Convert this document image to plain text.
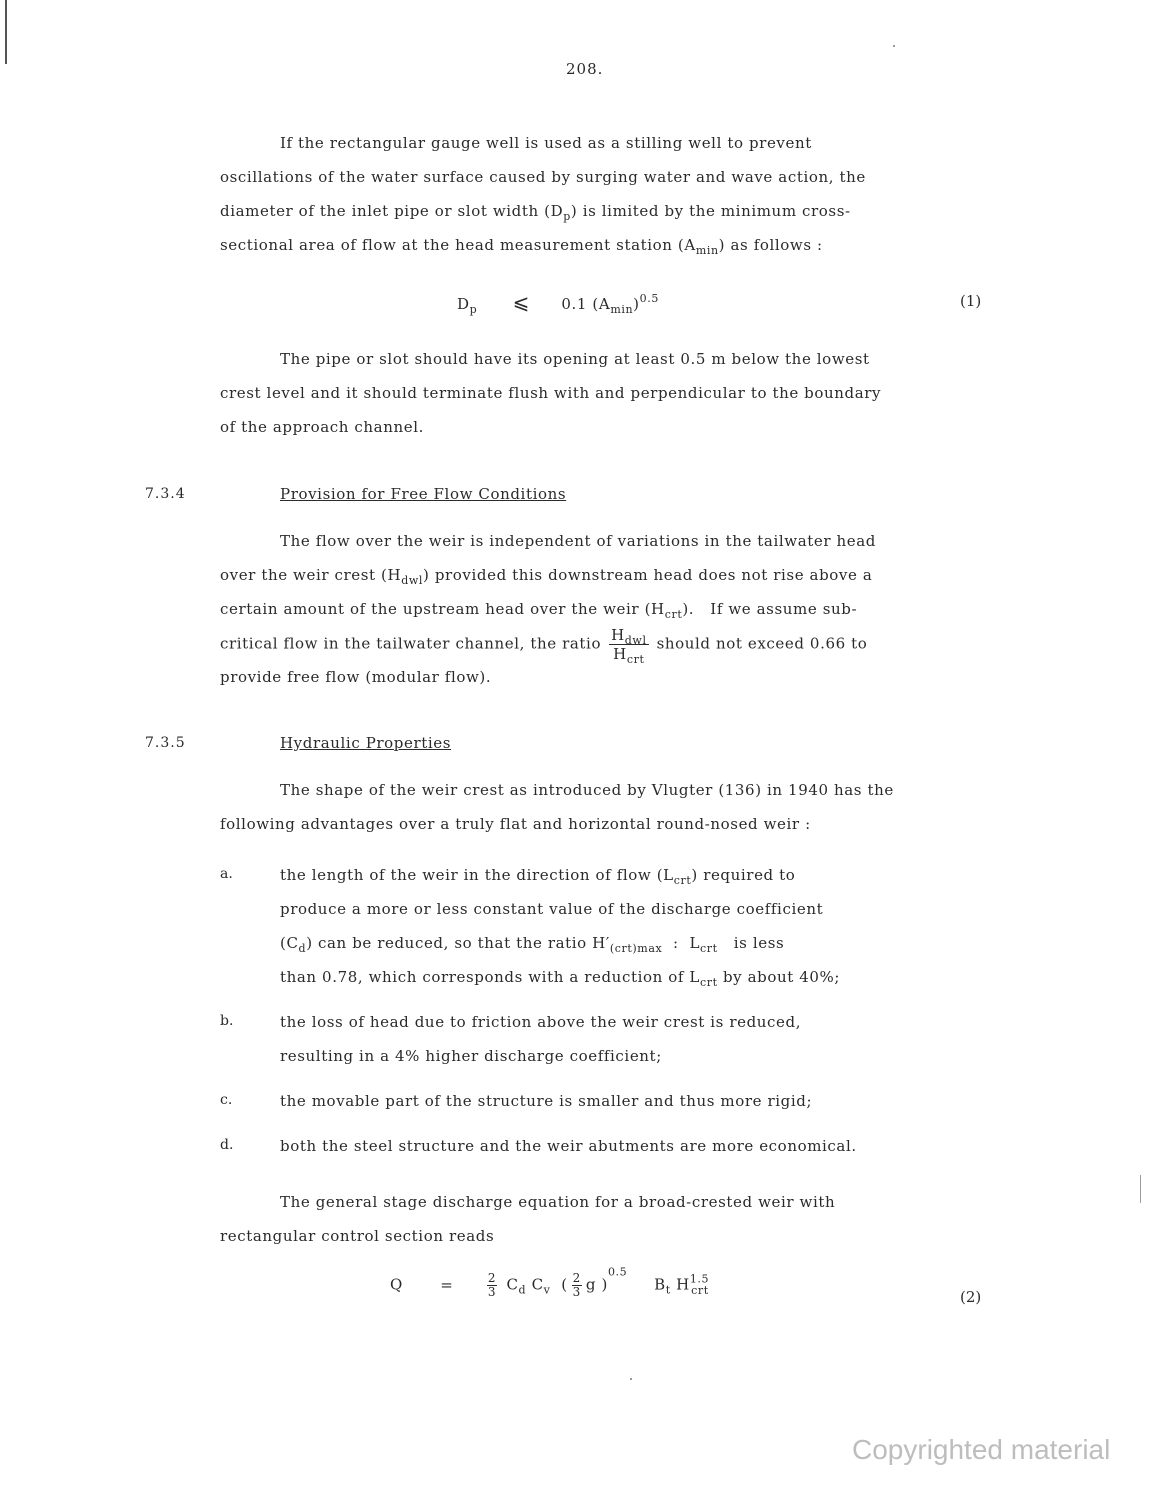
208.
If the rectangular gauge well is used as a stilling well to prevent
oscillations of the water surface caused by surging water and wave action, the
diameter of the inlet pipe or slot width $(D_p)$ is limited by the minimum cross-
sectional area of flow at the head measurement station $(A_{min})$ as follows :
$D_p$ ⩽ 0.1 $(A_{min})^{0.5}$	(1)
The pipe or slot should have its opening at least 0.5 m below the lowest
crest level and it should terminate flush with and perpendicular to the boundary
of the approach channel.
7.3.4	Provision for Free Flow Conditions
The flow over the weir is independent of variations in the tailwater head
over the weir crest $(H_{dwl})$ provided this downstream head does not rise above a
certain amount of the upstream head over the weir $(H_{crt})$.   If we assume sub-
critical flow in the tailwater channel, the ratio $\frac{H_{dwl}}{H_{crt}}$ should not exceed 0.66 to
provide free flow (modular flow).
7.3.5	Hydraulic Properties
The shape of the weir crest as introduced by Vlugter (136) in 1940 has the
following advantages over a truly flat and horizontal round-nosed weir :
a.	the length of the weir in the direction of flow $(L_{crt})$ required to
produce a more or less constant value of the discharge coefficient
$(C_d)$ can be reduced, so that the ratio $H'_{(crt)max}$ : $L_{crt}$ is less
than 0.78, which corresponds with a reduction of $L_{crt}$ by about 40%;
b.	the loss of head due to friction above the weir crest is reduced,
resulting in a 4% higher discharge coefficient;
c.	the movable part of the structure is smaller and thus more rigid;
d.	both the steel structure and the weir abutments are more economical.
The general stage discharge equation for a broad-crested weir with
rectangular control section reads
Q =	$\frac{2}{3} C_d$ $C_v$  ( $\frac{2}{3}$ g )$^{0.5}$     $B_t$ $H^{1.5}_{crt}$	(2)
Copyrighted material
